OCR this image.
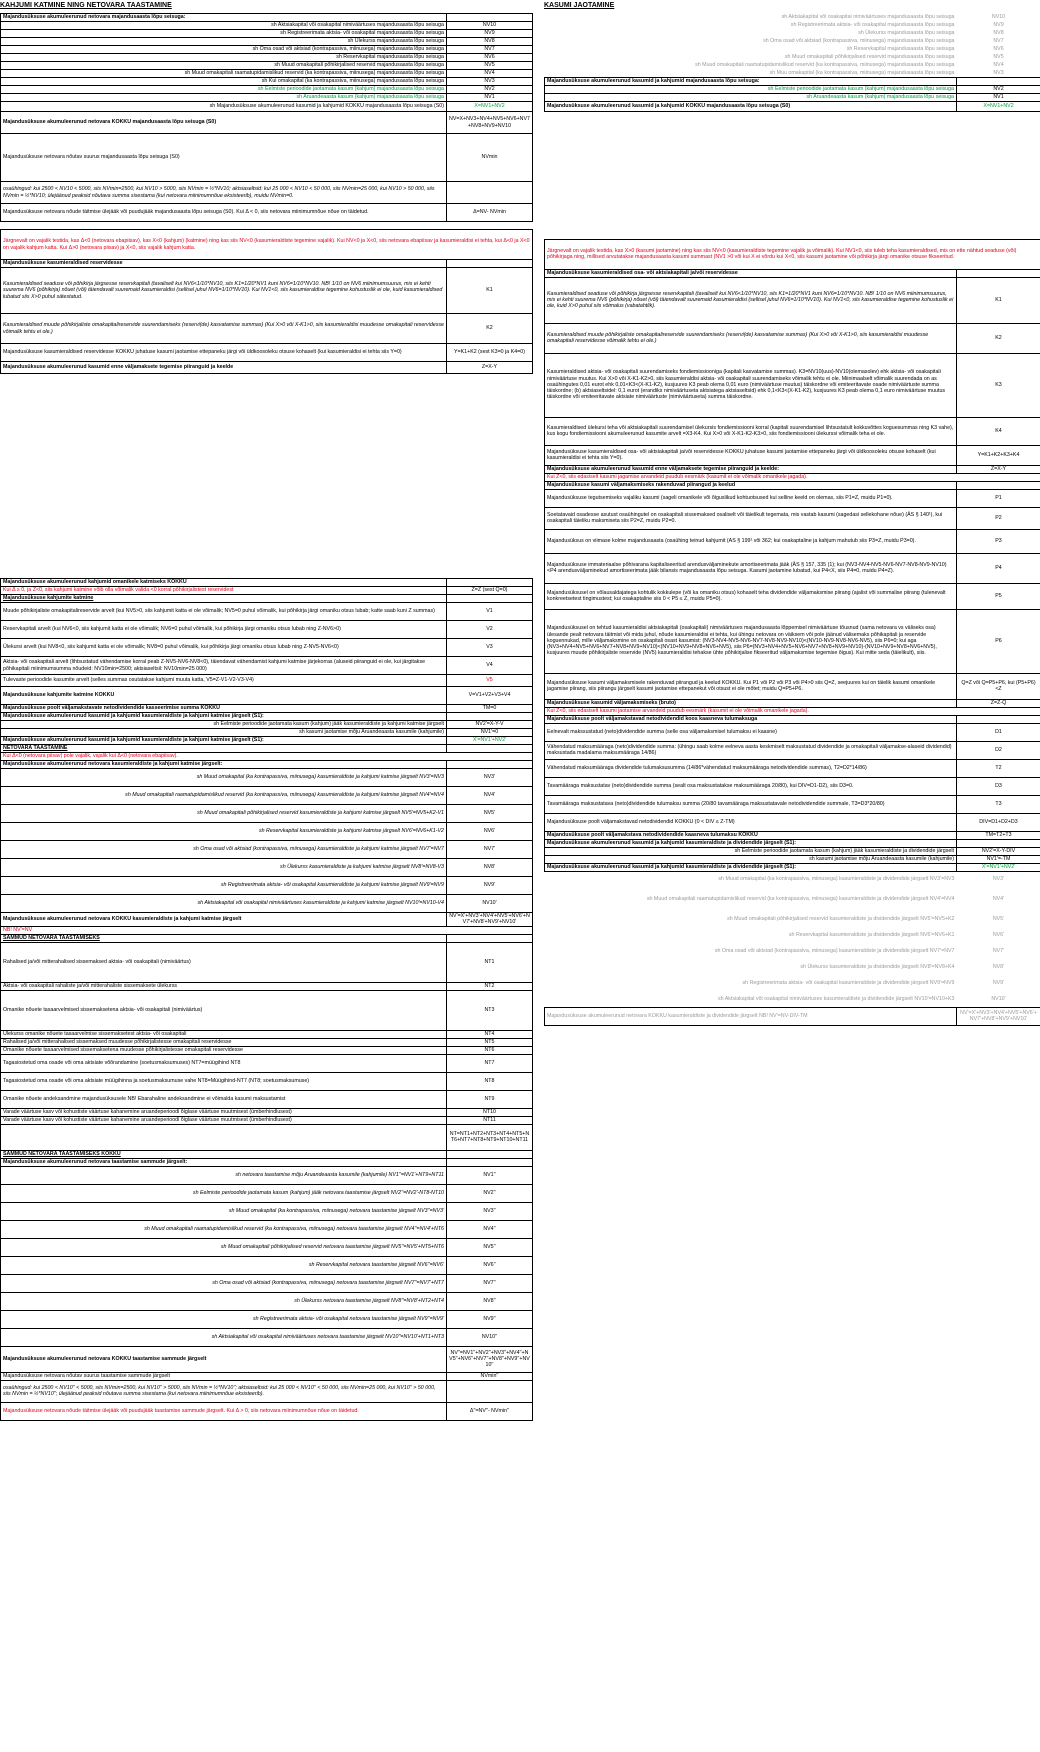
KAHJUMI KATMINE NING NETOVARA TAASTAMINE
Majandusüksuse akumuleerunud netovara majandusaasta lõpu seisuga:	
sh Aktsiakapital või osakapital nimiväärtuses majandusaasta lõpu seisuga	NV10
sh Registreerimata aktsia- või osakapital majandusaasta lõpu seisuga	NV9
sh Ülekurss majandusaasta lõpu seisuga	NV8
sh Oma osad või aktsiad (kontrapassiva, miinusega) majandusaasta lõpu seisuga	NV7
sh Reservkapital majandusaasta lõpu seisuga	NV6
sh Muud omakapitali põhikirjalised reservid majandusaasta lõpu seisuga	NV5
sh Muud omakapitali raamatupidamislikud reservid (ka kontrapassiva, miinusega) majandusaasta lõpu seisuga	NV4
sh Kui omakapital (ka kontrapassiva, miinusega) majandusaasta lõpu seisuga	NV3
sh Eelmiste perioodide jaotamata kasum (kahjum) majandusaasta lõpu seisuga	NV2
sh Aruandeaasta kasum (kahjum) majandusaasta lõpu seisuga	NV1
sh Majandusüksuse akumuleerunud kasumid ja kahjumid KOKKU majandusaasta lõpu seisuga (S0)	X=NV1+NV2
Majandusüksuse akumuleerunud netovara KOKKU majandusaasta lõpu seisuga (S0)	NV=X+NV3+NV4+NV5+NV6+NV7+NV8+NV9+NV10
Majandusüksuse netovara nõutav suurus majandusaasta lõpu seisuga (S0)	NVmin
osaühingud: kui 2500 < NV10 < 5000, siis NVmin=2500, kui NV10 > 5000, siis NVmin = ½*NV10; aktsiaseltsid: kui 25 000 < NV10 < 50 000, siis NVmin=25 000, kui NV10 > 50 000, siis NVmin = ½*NV10; ülejäänud peaksid nõutava summa sisestama (kui netovara miinimumnõue eksisteerib), muidu NVmin=0.	
Majandusüksuse netovara nõude täitmise ülejääk või puudujääk majandusaasta lõpu seisuga (S0). Kui Δ < 0, siis netovara miinimumnõue nõue on täidetud.	Δ=NV- NVmin

Järgnevalt on vajalik testida, kas Δ<0 (netovara ebapiisav), kas X<0 (kahjum) (katmine) ning kas siis NV<0 (kasumieraldiste tegemine vajalik). Kui NV<0 ja X<0, siis netovara ebapiisav ja kasumieraldisi ei tehta, kui Δ<0 ja X<0 on vajalik kahjum katta. Kui Δ>0 (netovara piisav) ja X<0, siis vajalik kahjum katta.	
Majandusüksuse kasumieraldised reservidesse	
Kasumieraldised seaduse või põhikirja järgsesse reservkapitali (tavaliselt kui NV6<1/10*NV10, siis K1=1/20*NV1 kuni NV6=1/10*NV10. NB! 1/10 on NV6 miinimumsuurus, mis ei kehti suurema NV6 (põhikirja) nõuet (või) täiendavalt suuremaid kasumieraldisi (sellisel juhul NV6=1/10*NV10). Kui NV1<0, siis kasumieraldise tegemine kohustuslik ei ole, kuid kasumieraldised lubatud siis X>0 puhul sätestatud.	K1
Kasumieraldised muude põhikirjaliste omakapitalireservide suurendamiseks (reservi(de) kasvatamise summas) (Kui X>0 või X-K1>0, siis kasumieraldisi muudesse omakapitali reservidesse võimalik tehtu ei ole.)	K2
Majandusüksuse kasumieraldised reservidesse KOKKU juhatuse kasumi jaotamise ettepaneku järgi või üldkoosoleku otsuse kohaselt (kui kasumieraldisi ei tehta siis Y=0)	Y=K1+K2 (sest K3=0 ja K4=0)
Majandusüksuse akumuleerunud kasumid enne väljamaksete tegemise piiranguid ja keelde	Z=X-Y

Majandusüksuse akumuleerunud kahjumid omanikele katmiseks KOKKU	
Kui Δ ≥ 0, ja Z<0, siis kahjumi katmine võib olla võimalik valida <0 korral põhikirjalistest reservidest	Z=Z (sest Q=0)
Majandusüksuse kahjumite katmine	
Muude põhikirjaliste omakapitalireservide arvelt (kui NV5>0, siis kahjumit katta ei ole võimalik; NV5=0 puhul võimalik, kui põhikirja järgi omaniku otsus lubab; katte saab kuni Z summas)	V1
Reservkapitali arvelt (kui NV6<0, siis kahjumit katta ei ole võimalik; NV6=0 puhul võimalik, kui põhikirja järgi omaniku otsus lubab ning Z-NV6>0)	V2
Ülekursi arvelt (kui NV8<0, siis kahjumit katta ei ole võimalik; NV8=0 puhul võimalik, kui põhikirja järgi omaniku otsus lubab ning Z-NV5-NV6<0)	V3
Aktsia- või osakapitali arvelt (lihtsustatud vähendamise korral peab Z-NV5-NV6-NV8<0), täiendavat vähendamist kahjumi katmise järjekorras (aluseid piiranguid ei ole, kui järgitakse põhikapitali miinimumsumma nõudeid: NV10min=2500; aktsiaseltsil: NV10min=25 000)	V4
Tulevaste perioodide kasumite arvelt (selles summas osutatakse kahjumi muuta katta, V5=Z-V1-V2-V3-V4)	V5
Majandusüksuse kahjumite katmine KOKKU	V=V1+V2+V3+V4
Majandusüksuse poolt väljamakstavate netodividendide kasseerimise summa KOKKU	TM=0
Majandusüksuse akumuleerunud kasumid ja kahjumid kasumieraldiste ja kahjumi katmise järgselt (S1):	
sh Eelmiste perioodide jaotamata kasum (kahjum) jääk kasumieraldiste ja kahjumi katmise järgselt	NV2'=X-Y-V
sh kasumi jaotamise mõju Aruandeaasta kasumile (kahjumile)	NV1'=0
Majandusüksuse akumuleerunud kasumid ja kahjumid kasumieraldiste ja kahjumi katmise järgselt (S1):	X'=NV1'+NV2'
NETOVARA TAASTAMINE	
Kui Δ<0 (netovara piisav) pole vajalik, vajalik kui Δ<0 (netovara ebapiisav).	
Majandusüksuse akumuleerunud netovara kasumieraldiste ja kahjumi katmise järgselt:	
sh Muud omakapital (ka kontrapassiva, miinusega) kasumieraldiste ja kahjumi katmise järgselt NV3'=NV3	NV3'
sh Muud omakapitali raamatupidamislikud reservid (ka kontrapassiva, miinusega) kasumieraldiste ja kahjumi katmise järgselt NV4'=NV4	NV4'
sh Muud omakapitali põhikirjalised reservid kasumieraldiste ja kahjumi katmise järgselt NV5'=NV5+K2-V1	NV5'
sh Reservkapital kasumieraldiste ja kahjumi katmise järgselt NV6'=NV6+K1-V2	NV6'
sh Oma osad või aktsiad (kontrapassiva, miinusega) kasumieraldiste ja kahjumi katmise järgselt NV7'=NV7	NV7'
sh Ülekurss kasumieraldiste ja kahjumi katmise järgselt NV8'=NV8-V3	NV8'
sh Registreerimata aktsia- või osakapital kasumieraldiste ja kahjumi katmise järgselt NV9'=NV9	NV9'
sh Aktsiakapital või osakapital nimiväärtuses kasumieraldiste ja kahjumi katmise järgselt NV10'=NV10-V4	NV10'
Majandusüksuse akumuleerunud netovara KOKKU kasumieraldiste ja kahjumi katmise järgselt	NV'=X'+NV3'+NV4'+NV5'+NV6'+NV7'+NV8'+NV9'+NV10'
NB! NV'=NV	
SAMMUD NETOVARA TAASTAMISEKS	
Rahalised ja/või mitterahalised sissemaksed aktsia- või osakapitali (nimiväärtus)	NT1
Aktsia- või osakapitali rahaliste ja/või mitterahaliste sissemaksete ülekurss	NT2
Omanike nõuete tasaarvelmised sissemaksetena aktsia- või osakapitali (nimiväärtus)	NT3
Ülekurss omanike nõuete tasaarvelmise sissemaksetest aktsia- või osakapitali	NT4
Rahalised ja/või mitterahalised sissemaksed muudesse põhikirjalistesse omakapitali reservidesse	NT5
Omanike nõuete tasaarvelmised sissemaksetena muudesse põhikirjalistesse omakapitali reservidesse	NT6
Tagasiostetud oma osade või oma aktsiate võõrandamine (soetusmaksumuses) NT7=müügihind NT8	NT7
Tagasiostetud oma osade või oma aktsiate müügihinna ja soetusmaksumuse vahe NT8=Müügihind-NT7 (NT8; soetusmaksumuse)	NT8
Omanike nõuete andeksandmine majandusüksusele NB! Ebarahaline andeksandmine ei võimalda kasumi maksustamist	NT9
Varade väärtuse kasv või kohustiste väärtuse kahanemine aruandeperioodi õiglase väärtuse muutmisest (ümberhindlusest)	NT10
Varade väärtuse kasv või kohustiste väärtuse kahanemine aruandeperioodi õiglase väärtuse muutmisest (ümberhindlusest)	NT11
	NT=NT1+NT2+NT3+NT4+NT5+NT6+NT7+NT8+NT9+NT10+NT11
SAMMUD NETOVARA TAASTAMISEKS KOKKU	
Majandusüksuse akumuleerunud netovara taastamise sammude järgselt:	
sh netovara taastamise mõju Aruandeaasta kasumile (kahjumile) NV1''=NV1'+NT9+NT11	NV1''
sh Eelmiste perioodide jaotamata kasum (kahjum) jääk netovara taastamise järgselt NV2''=NV2'-NT8-NT10	NV2''
sh Muud omakapital (ka kontrapassiva, miinusega) netovara taastamise järgselt NV3''=NV3'	NV3''
sh Muud omakapitali raamatupidamislikud reservid (ka kontrapassiva, miinusega) netovara taastamise järgselt NV4''=NV4'+NT6	NV4''
sh Muud omakapitali põhikirjalised reservid netovara taastamise järgselt NV5''=NV5'+NT5+NT6	NV5''
sh Reservkapital netovara taastamise järgselt NV6''=NV6'	NV6''
sh Oma osad või aktsiad (kontrapassiva, miinusega) netovara taastamise järgselt NV7''=NV7'+NT7	NV7''
sh Ülekurss netovara taastamise järgselt NV8''=NV8'+NT2+NT4	NV8''
sh Registreerimata aktsia- või osakapital netovara taastamise järgselt NV9''=NV9'	NV9''
sh Aktsiakapital või osakapital nimiväärtuses netovara taastamise järgselt NV10''=NV10'+NT1+NT3	NV10''
Majandusüksuse akumuleerunud netovara KOKKU taastamise sammude järgselt	NV''=NV1''+NV2''+NV3''+NV4''+NV5''+NV6''+NV7''+NV8''+NV9''+NV10''
Majandusüksuse netovara nõutav suurus taastamise sammude järgselt	NVmin''
osaühingud: kui 2500 < NV10'' < 5000, siis NVmin=2500, kui NV10'' > 5000, siis NVmin = ½*NV10''; aktsiaseltsid: kui 25 000 < NV10'' < 50 000, siis NVmin=25 000, kui NV10'' > 50 000, siis NVmin = ½*NV10''; ülejäänud peaksid nõutava summa sisestama (kui netovara miinimumnõue eksisteerib).	
Majandusüksuse netovara nõude täitmise ülejääk või puudujääk taastamise sammude järgselt. Kui Δ > 0, siis netovara miinimumnõue nõue on täidetud.	Δ''=NV''- NVmin''
KASUMI JAOTAMINE
sh Aktsiakapital või osakapital nimiväärtuses majandusaasta lõpu seisuga	NV10
sh Registreerimata aktsia- või osakapital majandusaasta lõpu seisuga	NV9
sh Ülekurss majandusaasta lõpu seisuga	NV8
sh Oma osad või aktsiad (kontrapassiva, miinusega) majandusaasta lõpu seisuga	NV7
sh Reservkapital majandusaasta lõpu seisuga	NV6
sh Muud omakapitali põhikirjalised reservid majandusaasta lõpu seisuga	NV5
sh Muud omakapitali raamatupidamislikud reservid (ka kontrapassiva, miinusega) majandusaasta lõpu seisuga	NV4
sh Muu omakapital (ka kontrapassiva, miinusega) majandusaasta lõpu seisuga	NV3
Majandusüksuse akumuleerunud kasumid ja kahjumid majandusaasta lõpu seisuga:	
sh Eelmiste perioodide jaotamata kasum (kahjum) majandusaasta lõpu seisuga	NV2
sh Aruandeaasta kasum (kahjum) majandusaasta lõpu seisuga	NV1
Majandusüksuse akumuleerunud kasumid ja kahjumid KOKKU majandusaasta lõpu seisuga (S0)	X=NV1+NV2

Järgnevalt on vajalik testida, kas X>0 (kasumi jaotamine) ning kas siis NV<0 (kasumieraldiste tegemine vajalik ja võimalik). Kui NV1<0, siis tuleb teha kasumieraldised, mis on ette nähtud seaduse (või) põhikirjaga ning, millised arvutatakse majandusaasta kasumi summast (NV1 >0 või kui X ei võrdu kui X<0, siis kasumi jaotamine või põhikirja järgi omanike otsuse fikseeritud.	
Majandusüksuse kasumieraldised osa- või aktsiakapitali ja/või reservidesse	
Kasumieraldised seaduse või põhikirja järgsesse reservkapitali (tavaliselt kui NV6<1/10*NV10, siis K1=1/20*NV1 kuni NV6=1/10*NV10. NB! 1/10 on NV6 miinimumsuurus, mis ei kehti suurema NV6 (põhikirja) nõuet (või) täiendavalt suuremaid kasumieraldisi (sellisel juhul NV6=1/10*NV10). Kui NV1<0, siis kasumieraldise tegemine kohustuslik ei ole, kuid X>0 puhul siis võimalus (vabatahtlik).	K1
Kasumieraldised muude põhikirjaliste omakapitalireservide suurendamiseks (reservi(de) kasvatamise summas) (Kui X>0 või X-K1>0, siis kasumieraldisi muudesse omakapitali reservidesse võimalik tehtu ei ole.)	K2
Kasumieraldised aktsia- või osakapitali suurendamiseks fondiemissiooniga (kapitali kasvatamise summas). K3=NV10(uus)-NV10(olemasolev) ehk aktsia- või osakapitali nimiväärtuse muutus. Kui X>0 või X-K1-K2>0, siis kasumieraldisi aktsia- või osakapitali suurendamiseks võimalik tehtu ei ole. Miinimaalselt võimalik suurendada on as osaühingutes 0,01 eurot ehk 0,01<K3<(X-K1-K2), kusjuures K3 peab olema 0,01 euro (nimiväärtuse muutus) täiskordne või emiteeritavate osade nimiväärtuste summa täiskordne; (b) aktsiaseltsidel: 0,1 eurot (erandiks nimiväärtuseta aktsiatega aktsiaseltsid) ehk 0,1<K3<(X-K1-K2), kusjuures K3 peab olema 0,1 euro nimiväärtuse muutus täiskordne või emiteeritavate aktsiate nimiväärtuste (nimiväärtuseta) summa täiskordne.	K3
Kasumieraldised ülekursi teha või aktsiakapitali suurendamisel ülekursis fondiemissiooni korral (kapitali suurendamisel lihtsustatult kokkuvõttes koguesummas ning K3 vahe), kus kogu fondiemissiooni akumuleerunud kasumite arvelt =X3-K4. Kui X>0 või X-K1-K2-K3>0, siis fondiemissiooni ülekurssi võimalik teha ei ole.	K4
Majandusüksuse kasumieraldised osa- või aktsiakapitali ja/või reservidesse KOKKU juhatuse kasumi jaotamise ettepaneku järgi või üldkoosoleku otsuse kohaselt (kui kasumieraldisi ei tehta siis Y=0).	Y=K1+K2+K3+K4
Majandusüksuse akumuleerunud kasumid enne väljamaksete tegemise piiranguid ja keelde:	Z=X-Y
Kui Z<0, siis edasiselt kasumi jagamise arvandeid puudub eesmärk (kasumit ei ole võimalik omanikele jagada).	
Majandusüksuse kasumi väljamaksmiseks rakenduvad piirangud ja keelud	
Majandusüksuse tegutsemiseks vajaliku kasumi (sageli omanikele või õiguslikud kohtuotsused kui selline keeld on olemas, siis P1=Z, muidu P1=0).	P1
Soetatavaid osadesse asutust osaühingutel on osakapitali sissemaksed osaliselt või täielikult tegemata, mis vastab kasumi (sagedasi sellekohane nõue) (ÄS § 140¹), kui osakapitali täieliku maksmiseta siis P2=Z, muidu P2=0.	P2
Majandusüksus on viimase kolme majandusaasta (osaühing teinud kahjumit (AS § 199¹ või 362; kui osakaptaline ja kahjum mahutub siis P3=Z, muidu P3=0).	P3
Majandusüksuse immateriaalse põhivarana kapitaliseeritud arendusväljaminekute amortiseerimata jääk (ÄS § 157, 335 (1); kui (NV3-NV4-NV5-NV6-NV7-NV8-NV9-NV10)<P4 arendusväljaminekud amortiseerimata jääk bilansis majandusaasta lõpu seisuga. Kasumi jaotamine lubatud, kui P4<X, siis P4=0, muidu P4=Z).	P4
Majandusüksusel on võlausaldajatega kohtulik kokkulepe (või ka omaniku otsus) kohaselt teha dividendide väljamaksmise piirang (ajalist või summalise piirang (tulenevalt konkreetsetest tingimustest; kui osakaptaline siis 0 < P5 ≤ Z, muidu P5=0).	P5
Majandusüksusel on tehtud kasumieraldisi aktsiakapitali (osakapitali) nimiväärtuses majandusaasta lõppemisel nimiväärtuse tõusnud (sama netovara vs väliseks osa) ülesande pealt netovara täitmist või mida juhul, nõude kasumieraldisi ei tehta, kui ühingu netovara on väiksem või pole jäänud välisemaks põhikapitali ja reservide koguennukad, mille väljamaksmine on osakapitali osast kasumist: (NV3-NV4-NV5-NV6-NV7-NV8-NV9-NV10)<(NV10-NV9-NV8-NV6-NV5), siis P6=0; kui aga (NV3+NV4+NV5+NV6+NV7+NV8+NV9+NV10)<(NV10+NV9+NV8+NV6+NV5), siis P6=(NV3+NV4+NV5+NV6+NV7+NV8+NV9+NV10)-(NV10+NV9+NV8+NV6+NV5), kusjuures muude põhikirjaliste reservide (NV5) kasumieraldisi tehakse ühte põhikirjalise fikseeritud väljamaksmise tegemise õigus). Kui mitte seda (täielikult), siis.	P6
Majandusüksuse kasumi väljamaksmisele rakenduvad piirangud ja keelud KOKKU. Kui P1 või P2 või P3 või P4>0 siis Q=Z, seejuures kui on täielik kasumi omanikele jagamise piirang, siis piirangu järgselt kasumi jaotamise ettepanekut või otsust ei ole mõtet; muidu Q=P5+P6.	Q=Z või Q=P5+P6, kui (P5+P6)<Z
Majandusüksuse kasumid väljamaksmiseks (bruto)	Z=Z-Q
Kui Z<0, siis edasiselt kasumi jaotamise arvandeid puudub eesmärk (kasumit ei ole võimalik omanikele jagada).	
Majandusüksuse poolt väljamakstavad netodividendid koos kaasneva tulumaksuga	
Eelnevalt makssustatud (neto)dividendide summa (selle osa väljamaksmisel tulumaksu ei kaasne)	D1
Vähendatud maksumääraga (neto)dividendide summa: (ühingu saab kolme eelneva aasta keskmiselt maksustatud dividendide ja omakapitali väljamakse-alaseid dividendid) maksustada madalama maksumääraga 14/86)	D2
Vähendatud maksumääraga dividendide tulumaksusumma (14/86*vähendatud maksumääraga netodividendide summas), T2=D2*14/86)	T2
Tavamääraga maksustatav (neto)dividendide summa (sealt osa maksustatakse maksumääraga 20/80), kui DIV=D1-D2), siis D3=0.	D3
Tavamääraga maksustatava (neto)dividendide tulumaksu summa (20/80 tavamääraga maksustatavale netodividendide summale, T3=D3*20/80)	T3
Majandusüksuse poolt väljamakstavad netodividendid KOKKU (0 < DIV ≤ Z-TM)	DIV=D1+D2+D3
Majandusüksuse poolt väljamakstava netodividendide kaasneva tulumaksu KOKKU	TM=T2+T3
Majandusüksuse akumuleerunud kasumid ja kahjumid kasumieraldiste ja dividendide järgselt (S1):	
sh Eelmiste perioodide jaotamata kasum (kahjum) jääk kasumieraldiste ja dividendide järgselt	NV2'=X-Y-DIV
sh kasumi jaotamise mõju Aruandeaasta kasumile (kahjumile)	NV1'=-TM
Majandusüksuse akumuleerunud kasumid ja kahjumid kasumieraldiste ja dividendide järgselt (S1):	X'=NV1'+NV2'
sh Muud omakapital (ka kontrapassiva, miinusega) kasumieraldiste ja dividendide järgselt NV3'=NV3	NV3'
sh Muud omakapitali raamatupidamislikud reservid (ka kontrapassiva, miinusega) kasumieraldiste ja dividendide järgselt NV4'=NV4	NV4'
sh Muud omakapitali põhikirjalised reservid kasumieraldiste ja dividendide järgselt NV5'=NV5+K2	NV5'
sh Reservkapital kasumieraldiste ja dividendide järgselt NV6'=NV6+K1	NV6'
sh Oma osad või aktsiad (kontrapassiva, miinusega) kasumieraldiste ja dividendide järgselt NV7'=NV7	NV7'
sh Ülekurss kasumieraldiste ja dividendide järgselt NV8'=NV8+K4	NV8'
sh Registreerimata aktsia- või osakapital kasumieraldiste ja dividendide järgselt NV9'=NV9	NV9'
sh Aktsiakapital või osakapital nimiväärtuses kasumieraldiste ja dividendide järgselt NV10'=NV10+K3	NV10'
Majandusüksuse akumuleerunud netovara KOKKU kasumieraldiste ja dividendide järgselt NB! NV'=NV-DIV-TM	NV'=X'+NV3'+NV4'+NV5'+NV6'+NV7'+NV8'+NV9'+NV10'
